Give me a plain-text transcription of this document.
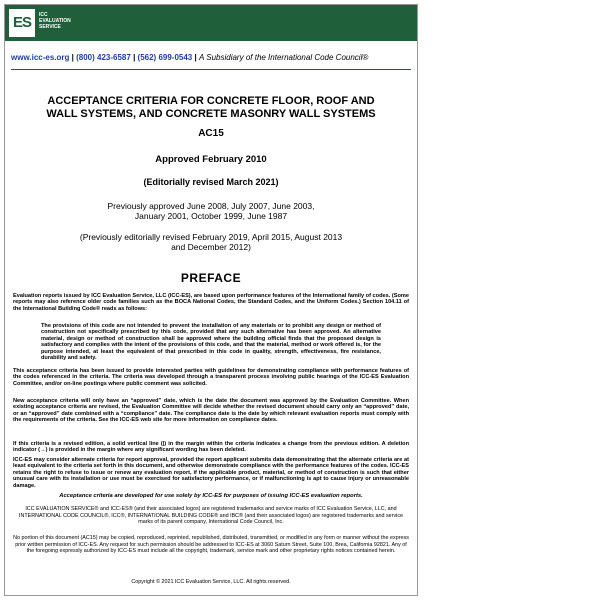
ES	ICC
EVALUATION
SERVICE
www.icc-es.org | (800) 423-6587 | (562) 699-0543 | A Subsidiary of the International Code Council®
ACCEPTANCE CRITERIA FOR CONCRETE FLOOR, ROOF AND
WALL SYSTEMS, AND CONCRETE MASONRY WALL SYSTEMS
AC15
Approved February 2010
(Editorially revised March 2021)
Previously approved June 2008, July 2007, June 2003,
January 2001, October 1999, June 1987
(Previously editorially revised February 2019, April 2015, August 2013
and December 2012)
PREFACE
Evaluation reports issued by ICC Evaluation Service, LLC (ICC-ES), are based upon performance features of the International family of codes. (Some reports may also reference older code families such as the BOCA National Codes, the Standard Codes, and the Uniform Codes.) Section 104.11 of the International Building Code® reads as follows:
The provisions of this code are not intended to prevent the installation of any materials or to prohibit any design or method of construction not specifically prescribed by this code, provided that any such alternative has been approved. An alternative material, design or method of construction shall be approved where the building official finds that the proposed design is satisfactory and complies with the intent of the provisions of this code, and that the material, method or work offered is, for the purpose intended, at least the equivalent of that prescribed in this code in quality, strength, effectiveness, fire resistance, durability and safety.
This acceptance criteria has been issued to provide interested parties with guidelines for demonstrating compliance with performance features of the codes referenced in the criteria. The criteria was developed through a transparent process involving public hearings of the ICC-ES Evaluation Committee, and/or on-line postings where public comment was solicited.
New acceptance criteria will only have an “approved” date, which is the date the document was approved by the Evaluation Committee. When existing acceptance criteria are revised, the Evaluation Committee will decide whether the revised document should carry only an “approved” date, or an “approved” date combined with a “compliance” date. The compliance date is the date by which relevant evaluation reports must comply with the requirements of the criteria. See the ICC-ES web site for more information on compliance dates.
If this criteria is a revised edition, a solid vertical line (|) in the margin within the criteria indicates a change from the previous edition. A deletion indicator (→) is provided in the margin where any significant wording has been deleted.
ICC-ES may consider alternate criteria for report approval, provided the report applicant submits data demonstrating that the alternate criteria are at least equivalent to the criteria set forth in this document, and otherwise demonstrate compliance with the performance features of the codes. ICC-ES retains the right to refuse to issue or renew any evaluation report, if the applicable product, material, or method of construction is such that either unusual care with its installation or use must be exercised for satisfactory performance, or if malfunctioning is apt to cause injury or unreasonable damage.
Acceptance criteria are developed for use solely by ICC-ES for purposes of issuing ICC-ES evaluation reports.
ICC EVALUATION SERVICE® and ICC-ES® (and their associated logos) are registered trademarks and service marks of ICC Evaluation Service, LLC, and INTERNATIONAL CODE COUNCIL®, ICC®, INTERNATIONAL BUILDING CODE® and IBC® (and their associated logos) are registered trademarks and service marks of its parent company, International Code Council, Inc.
No portion of this document (AC15) may be copied, reproduced, reprinted, republished, distributed, transmitted, or modified in any form or manner without the express prior written permission of ICC-ES. Any request for such permission should be addressed to ICC-ES at 3060 Saturn Street, Suite 100, Brea, California 92821. Any of the foregoing expressly authorized by ICC-ES must include all the copyright, trademark, service mark and other proprietary rights notices contained herein.
Copyright © 2021 ICC Evaluation Service, LLC. All rights reserved.
